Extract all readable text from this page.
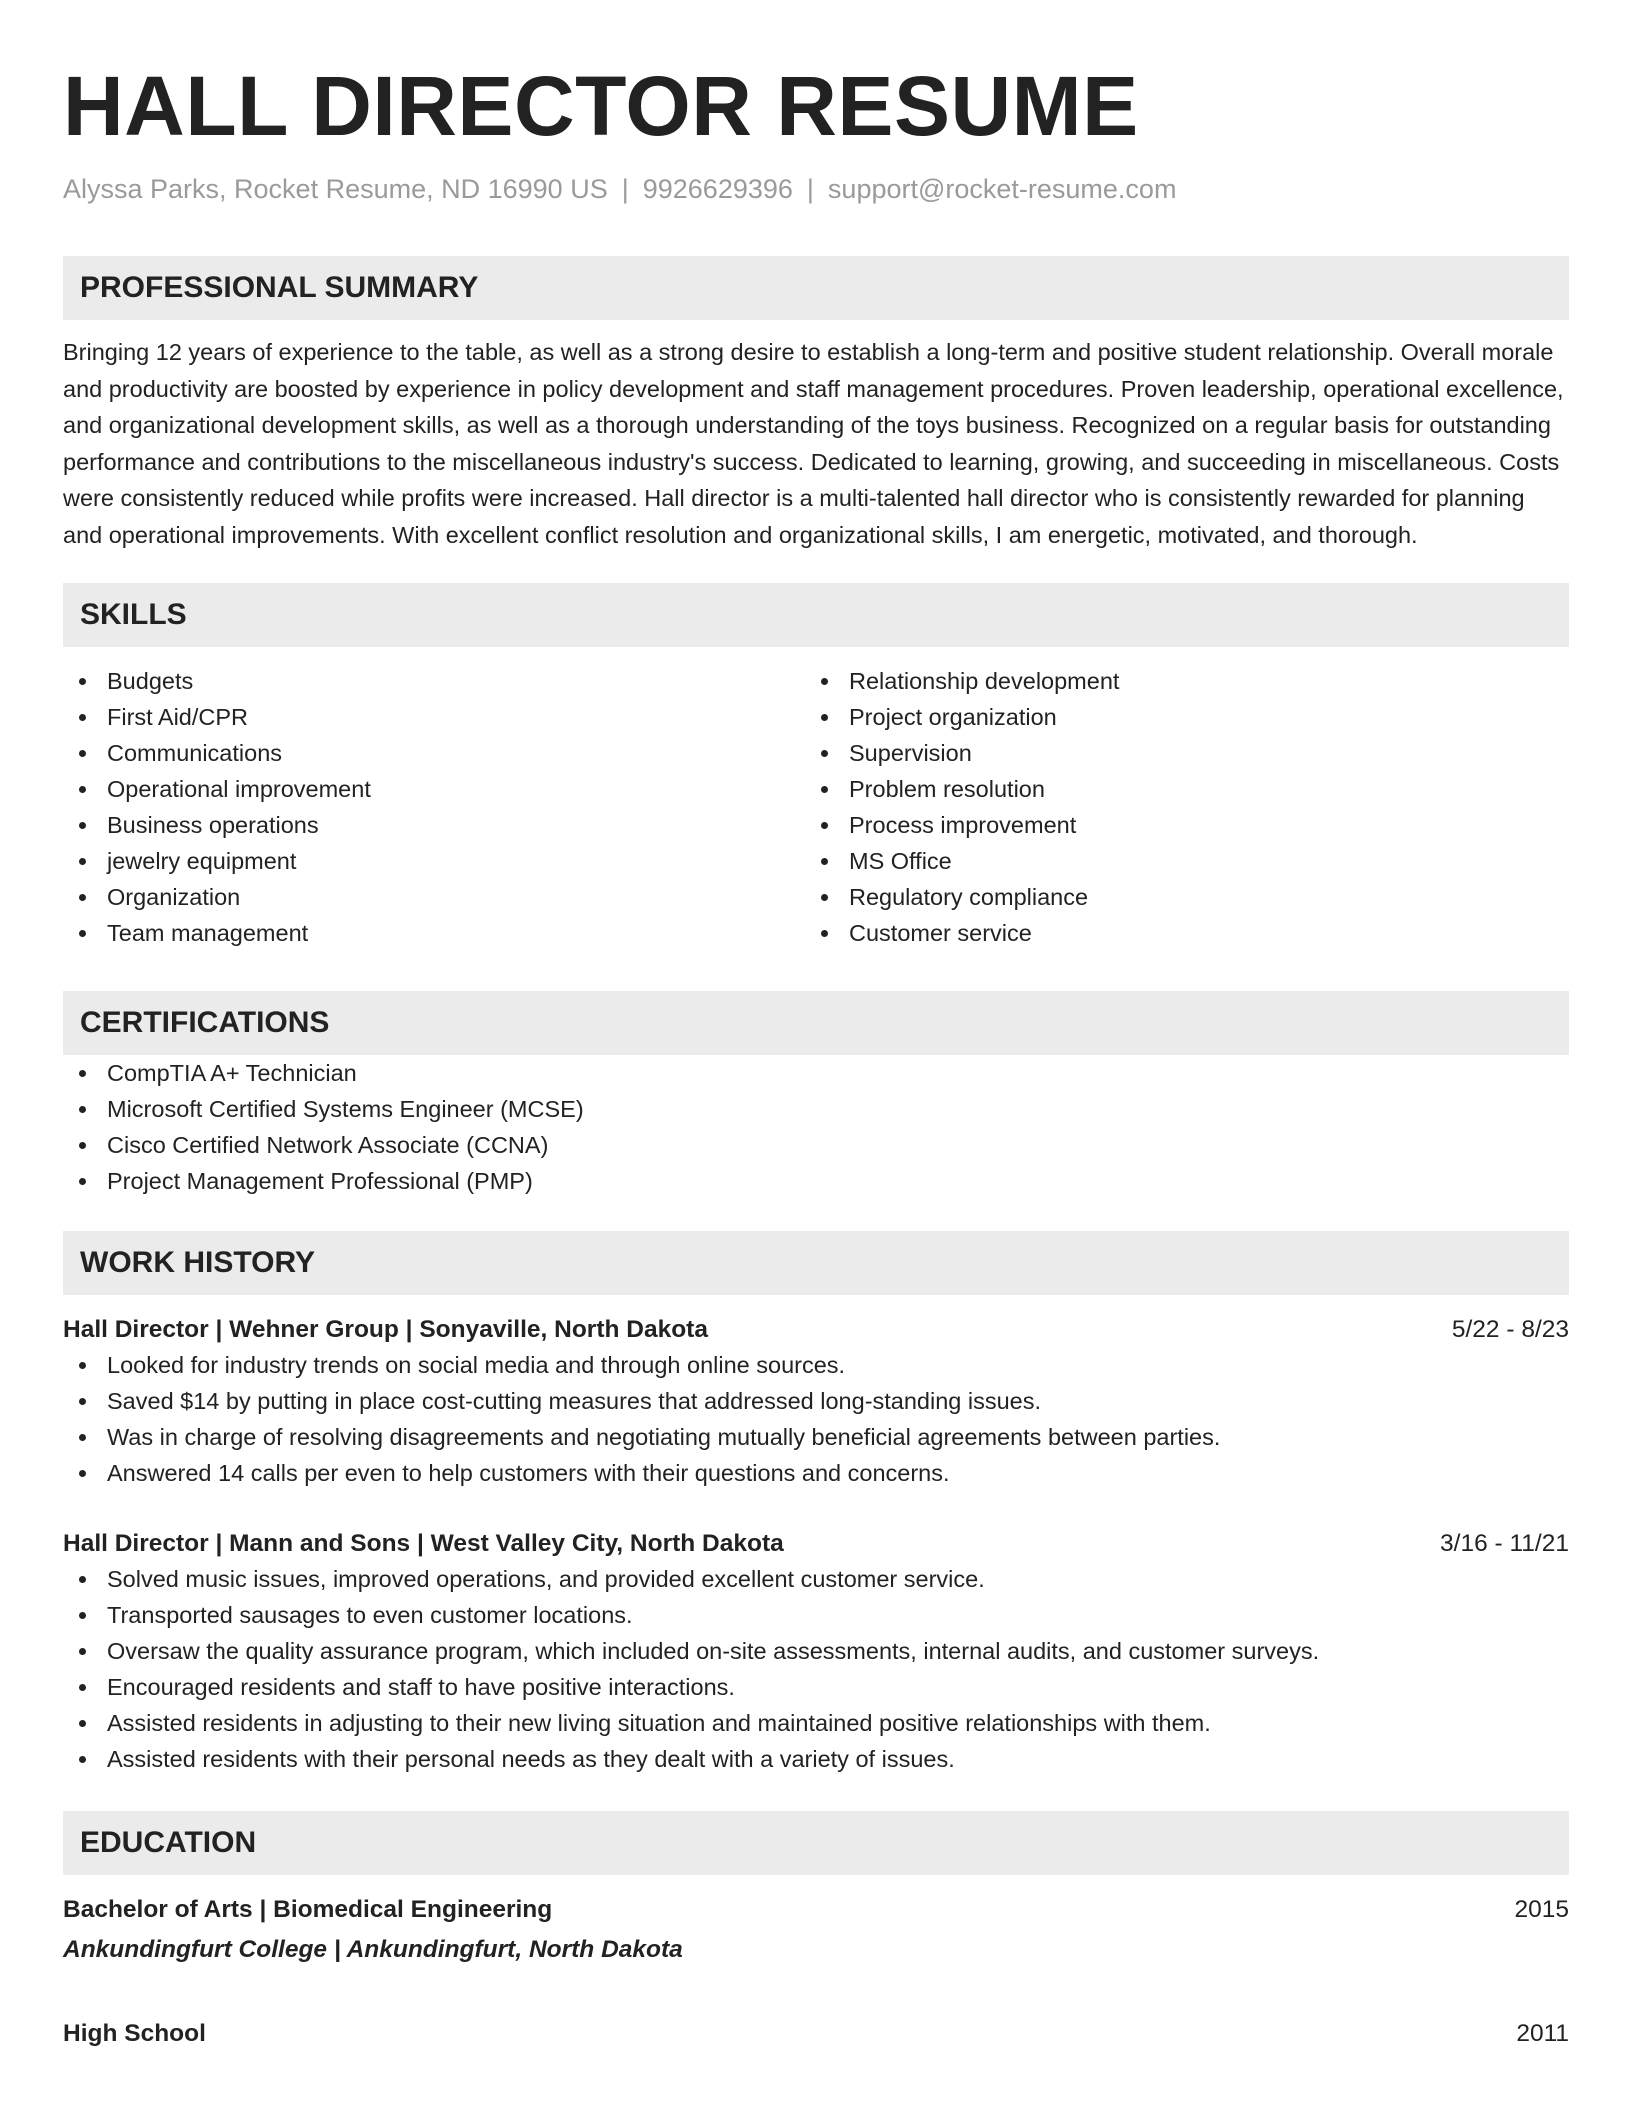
HALL DIRECTOR RESUME
Alyssa Parks, Rocket Resume, ND 16990 US | 9926629396 | support@rocket-resume.com
PROFESSIONAL SUMMARY

Bringing 12 years of experience to the table, as well as a strong desire to establish a long-term and positive student relationship. Overall morale and productivity are boosted by experience in policy development and staff management procedures. Proven leadership, operational excellence, and organizational development skills, as well as a thorough understanding of the toys business. Recognized on a regular basis for outstanding performance and contributions to the miscellaneous industry's success. Dedicated to learning, growing, and succeeding in miscellaneous. Costs were consistently reduced while profits were increased. Hall director is a multi-talented hall director who is consistently rewarded for planning and operational improvements. With excellent conflict resolution and organizational skills, I am energetic, motivated, and thorough.

SKILLS
Budgets
First Aid/CPR
Communications
Operational improvement
Business operations
jewelry equipment
Organization
Team management
Relationship development
Project organization
Supervision
Problem resolution
Process improvement
MS Office
Regulatory compliance
Customer service
CERTIFICATIONS
CompTIA A+ Technician
Microsoft Certified Systems Engineer (MCSE)
Cisco Certified Network Associate (CCNA)
Project Management Professional (PMP)
WORK HISTORY
Hall Director | Wehner Group | Sonyaville, North Dakota	5/22 - 8/23
Looked for industry trends on social media and through online sources.
Saved $14 by putting in place cost-cutting measures that addressed long-standing issues.
Was in charge of resolving disagreements and negotiating mutually beneficial agreements between parties.
Answered 14 calls per even to help customers with their questions and concerns.
Hall Director | Mann and Sons | West Valley City, North Dakota	3/16 - 11/21
Solved music issues, improved operations, and provided excellent customer service.
Transported sausages to even customer locations.
Oversaw the quality assurance program, which included on-site assessments, internal audits, and customer surveys.
Encouraged residents and staff to have positive interactions.
Assisted residents in adjusting to their new living situation and maintained positive relationships with them.
Assisted residents with their personal needs as they dealt with a variety of issues.
EDUCATION
Bachelor of Arts | Biomedical Engineering	2015
Ankundingfurt College | Ankundingfurt, North Dakota
High School	2011
